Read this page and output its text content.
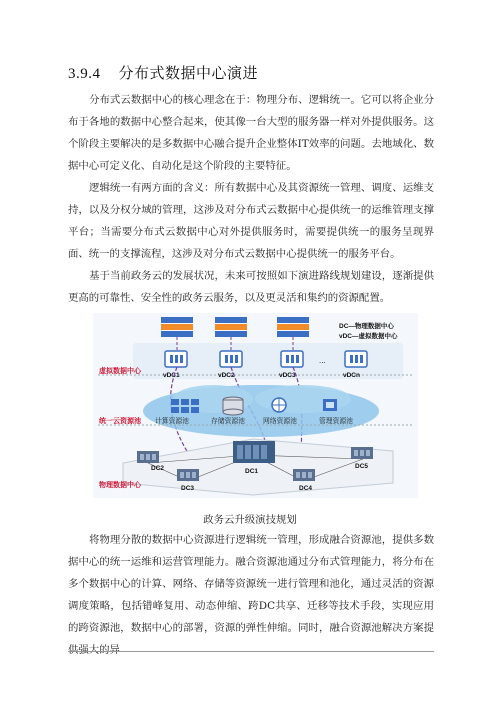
3.9.4 分布式数据中心演进

分布式云数据中心的核心理念在于：物理分布、逻辑统一。它可以将企业分布于各地的数据中心整合起来，使其像一台大型的服务器一样对外提供服务。这个阶段主要解决的是多数据中心融合提升企业整体IT效率的问题。去地域化、数据中心可定义化、自动化是这个阶段的主要特征。

逻辑统一有两方面的含义：所有数据中心及其资源统一管理、调度、运维支持，以及分权分域的管理，这涉及对分布式云数据中心提供统一的运维管理支撑平台；当需要分布式云数据中心对外提供服务时，需要提供统一的服务呈现界面、统一的支撑流程，这涉及对分布式云数据中心提供统一的服务平台。

基于当前政务云的发展状况，未来可按照如下演进路线规划建设，逐渐提供更高的可靠性、安全性的政务云服务，以及更灵活和集约的资源配置。

DC—物理数据中心
vDC—虚拟数据中心
虚拟数据中心
vDC1	vDC2	vDC3
...
vDCn
统一云资源池 计算资源池	存储资源池	网络资源池	管理资源池
DC1
DC2
DC3	DC4
DC5
物理数据中心
政务云升级演技规划

将物理分散的数据中心资源进行逻辑统一管理，形成融合资源池，提供多数据中心的统一运维和运营管理能力。融合资源池通过分布式管理能力，将分布在多个数据中心的计算、网络、存储等资源统一进行管理和池化，通过灵活的资源调度策略，包括错峰复用、动态伸缩、跨DC共享、迁移等技术手段，实现应用的跨资源池，数据中心的部署，资源的弹性伸缩。同时，融合资源池解决方案提供强大的异
